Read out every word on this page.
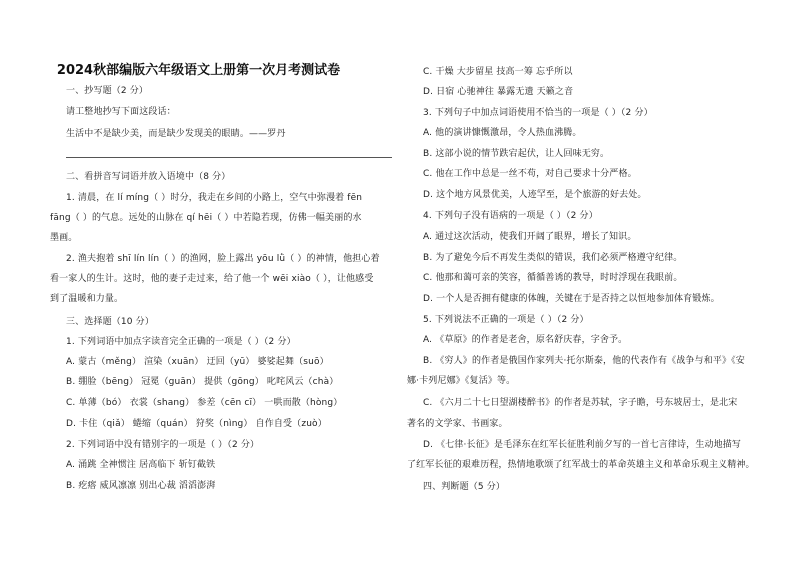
2024秋部编版六年级语文上册第一次月考测试卷
一、抄写题（2 分）
请工整地抄写下面这段话：
生活中不是缺少美，而是缺少发现美的眼睛。——罗丹
二、看拼音写词语并放入语境中（8 分）
1. 清晨，在 lí míng（ ）时分，我走在乡间的小路上，空气中弥漫着 fēn
fāng（ ）的气息。远处的山脉在 qí hēi（ ）中若隐若现，仿佛一幅美丽的水
墨画。
2. 渔夫抱着 shī lín lín（ ）的渔网，脸上露出 yōu lǜ（ ）的神情，他担心着
看一家人的生计。这时，他的妻子走过来，给了他一个 wēi xiào（ ），让他感受
到了温暖和力量。
三、选择题（10 分）
1. 下列词语中加点字读音完全正确的一项是（ ）（2 分）
A. 蒙古（měng） 渲染（xuān） 迂回（yū） 婆娑起舞（suō）
B. 绷脸（bēng） 冠冕（guān） 提供（gōng） 叱咤风云（chà）
C. 单薄（bó） 衣裳（shang） 参差（cēn cī） 一哄而散（hòng）
D. 卡住（qiǎ） 蜷缩（quán） 狩奖（nìng） 自作自受（zuò）
2. 下列词语中没有错别字的一项是（ ）（2 分）
A. 涌跳 全神惯注 居高临下 斩钉截铁
B. 疙瘩 威风凛凛 别出心裁 滔滔澎湃
C. 干燥 大步留星 技高一筹 忘乎所以
D. 日宿 心驰神往 暴露无遗 天籁之音
3. 下列句子中加点词语使用不恰当的一项是（ ）（2 分）
A. 他的演讲慷慨激昂，令人热血沸腾。
B. 这部小说的情节跌宕起伏，让人回味无穷。
C. 他在工作中总是一丝不苟，对自己要求十分严格。
D. 这个地方风景优美，人迹罕至，是个旅游的好去处。
4. 下列句子没有语病的一项是（ ）（2 分）
A. 通过这次活动，使我们开阔了眼界，增长了知识。
B. 为了避免今后不再发生类似的错误，我们必须严格遵守纪律。
C. 他那和蔼可亲的笑容，循循善诱的教导，时时浮现在我眼前。
D. 一个人是否拥有健康的体魄，关键在于是否持之以恒地参加体育锻炼。
5. 下列说法不正确的一项是（ ）（2 分）
A. 《草原》的作者是老舍，原名舒庆春，字舍予。
B. 《穷人》的作者是俄国作家列夫·托尔斯泰，他的代表作有《战争与和平》《安
娜·卡列尼娜》《复活》等。
C. 《六月二十七日望湖楼醉书》的作者是苏轼，字子瞻，号东坡居士，是北宋
著名的文学家、书画家。
D. 《七律·长征》是毛泽东在红军长征胜利前夕写的一首七言律诗，生动地描写
了红军长征的艰难历程，热情地歌颂了红军战士的革命英雄主义和革命乐观主义精神。
四、判断题（5 分）
